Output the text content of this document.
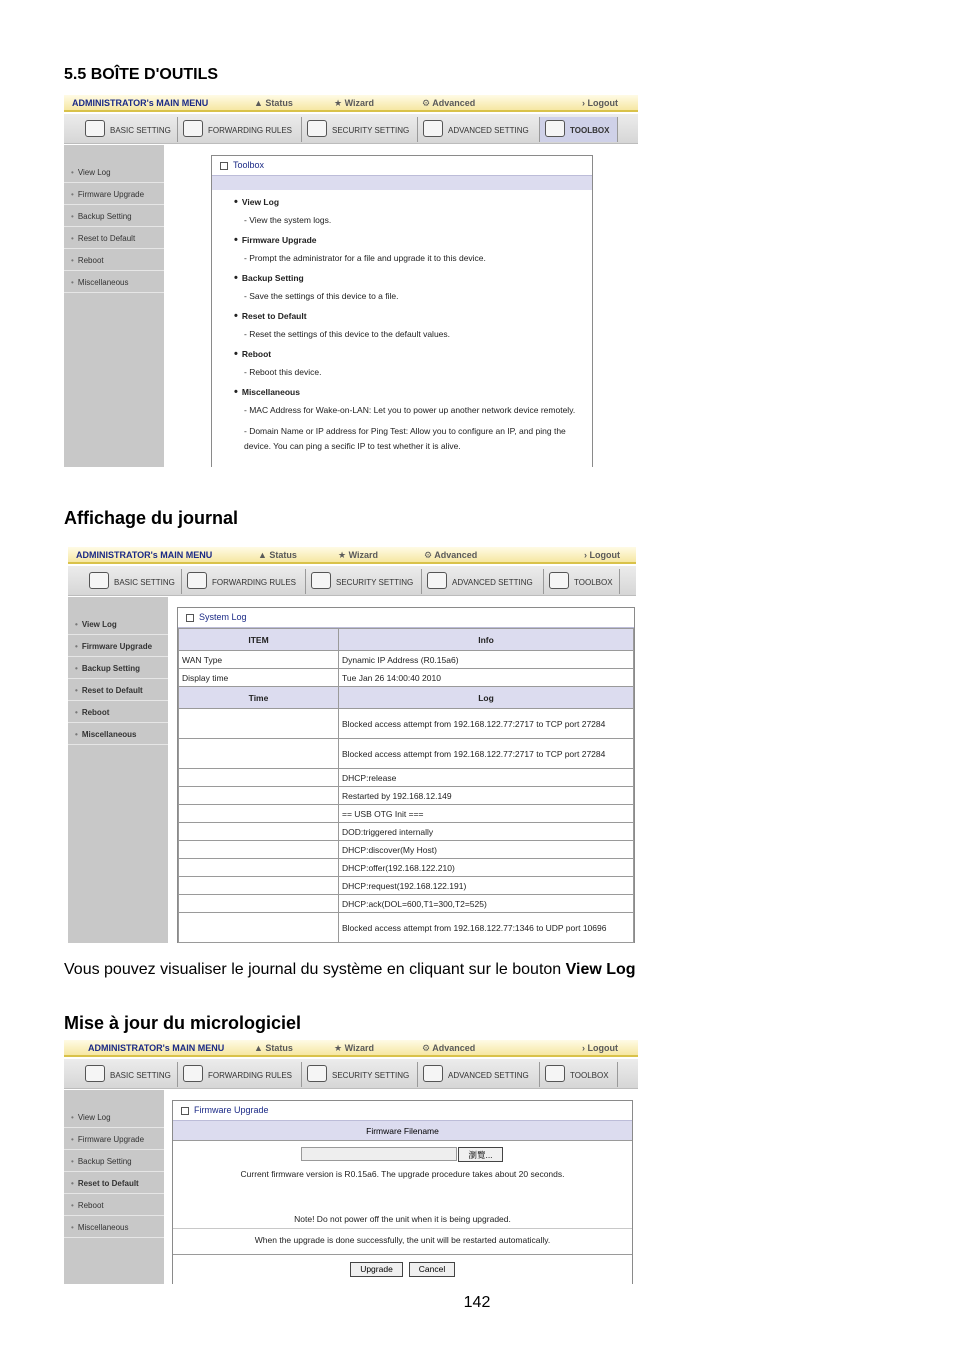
5.5 BOÎTE D'OUTILS
ADMINISTRATOR's MAIN MENU	▲ Status	★ Wizard	⚙ Advanced	› Logout
BASIC SETTING	FORWARDING RULES	SECURITY SETTING	ADVANCED SETTING	TOOLBOX
• View Log
• Firmware Upgrade
• Backup Setting
• Reset to Default
• Reboot
• Miscellaneous
Toolbox
• View Log
- View the system logs.
• Firmware Upgrade
- Prompt the administrator for a file and upgrade it to this device.
• Backup Setting
- Save the settings of this device to a file.
• Reset to Default
- Reset the settings of this device to the default values.
• Reboot
- Reboot this device.
• Miscellaneous
- MAC Address for Wake-on-LAN: Let you to power up another network device remotely.
- Domain Name or IP address for Ping Test: Allow you to configure an IP, and ping the device. You can ping a secific IP to test whether it is alive.
Affichage du journal
ADMINISTRATOR's MAIN MENU	▲ Status	★ Wizard	⚙ Advanced	› Logout
BASIC SETTING	FORWARDING RULES	SECURITY SETTING	ADVANCED SETTING	TOOLBOX
• View Log
• Firmware Upgrade
• Backup Setting
• Reset to Default
• Reboot
• Miscellaneous
System Log
ITEM	Info
WAN Type	Dynamic IP Address (R0.15a6)
Display time	Tue Jan 26 14:00:40 2010
Time	Log
	Blocked access attempt from 192.168.122.77:2717 to TCP port 27284
	Blocked access attempt from 192.168.122.77:2717 to TCP port 27284
	DHCP:release
	Restarted by 192.168.12.149
	== USB OTG Init ===
	DOD:triggered internally
	DHCP:discover(My Host)
	DHCP:offer(192.168.122.210)
	DHCP:request(192.168.122.191)
	DHCP:ack(DOL=600,T1=300,T2=525)
	Blocked access attempt from 192.168.122.77:1346 to UDP port 10696
Vous pouvez visualiser le journal du système en cliquant sur le bouton View Log
Mise à jour du micrologiciel
ADMINISTRATOR's MAIN MENU	▲ Status	★ Wizard	⚙ Advanced	› Logout
BASIC SETTING	FORWARDING RULES	SECURITY SETTING	ADVANCED SETTING	TOOLBOX
• View Log
• Firmware Upgrade
• Backup Setting
• Reset to Default
• Reboot
• Miscellaneous
Firmware Upgrade
Firmware Filename
瀏覽...
Current firmware version is R0.15a6. The upgrade procedure takes about 20 seconds.
Note! Do not power off the unit when it is being upgraded.
When the upgrade is done successfully, the unit will be restarted automatically.
Upgrade	Cancel
142
